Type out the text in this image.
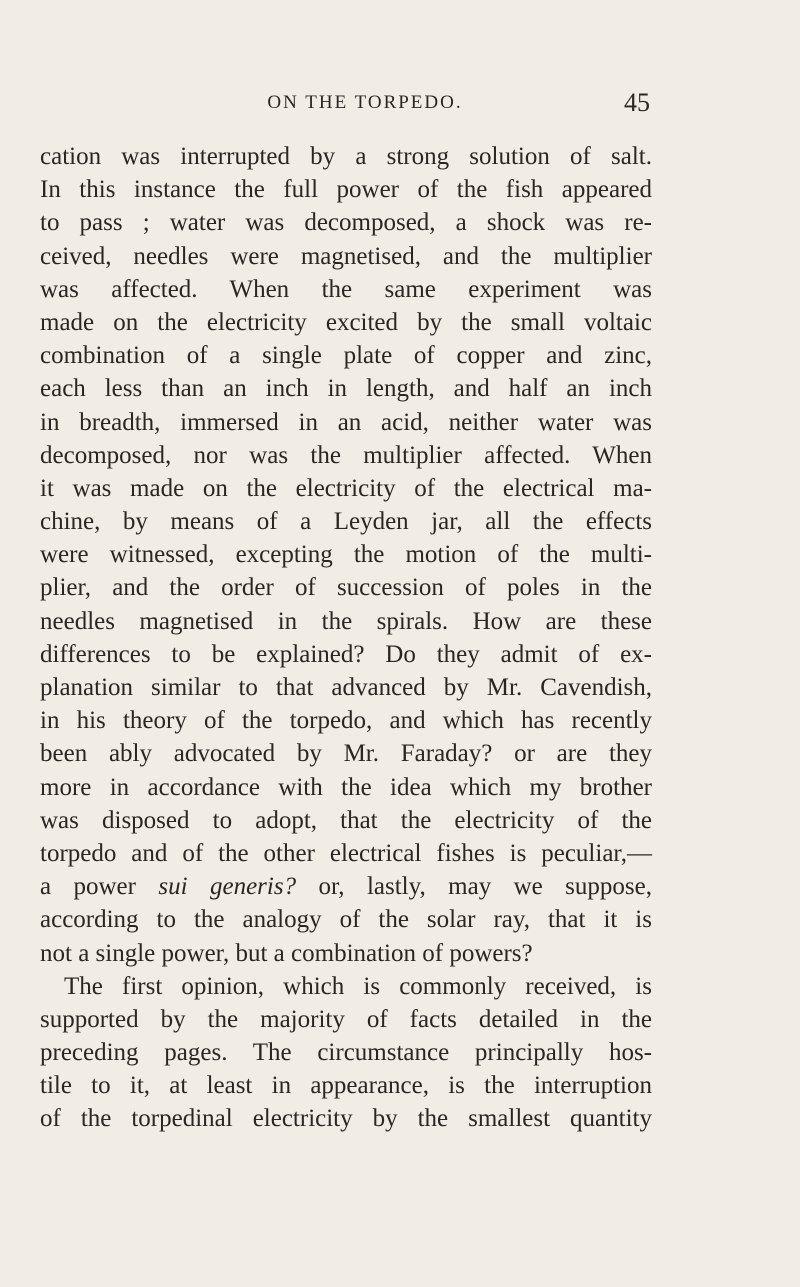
ON THE TORPEDO.	45
cation was interrupted by a strong solution of salt.
In this instance the full power of the fish appeared
to pass ; water was decomposed, a shock was re-
ceived, needles were magnetised, and the multiplier
was affected. When the same experiment was
made on the electricity excited by the small voltaic
combination of a single plate of copper and zinc,
each less than an inch in length, and half an inch
in breadth, immersed in an acid, neither water was
decomposed, nor was the multiplier affected. When
it was made on the electricity of the electrical ma-
chine, by means of a Leyden jar, all the effects
were witnessed, excepting the motion of the multi-
plier, and the order of succession of poles in the
needles magnetised in the spirals. How are these
differences to be explained? Do they admit of ex-
planation similar to that advanced by Mr. Cavendish,
in his theory of the torpedo, and which has recently
been ably advocated by Mr. Faraday? or are they
more in accordance with the idea which my brother
was disposed to adopt, that the electricity of the
torpedo and of the other electrical fishes is peculiar,—
a power sui generis? or, lastly, may we suppose,
according to the analogy of the solar ray, that it is
not a single power, but a combination of powers?
The first opinion, which is commonly received, is
supported by the majority of facts detailed in the
preceding pages. The circumstance principally hos-
tile to it, at least in appearance, is the interruption
of the torpedinal electricity by the smallest quantity
